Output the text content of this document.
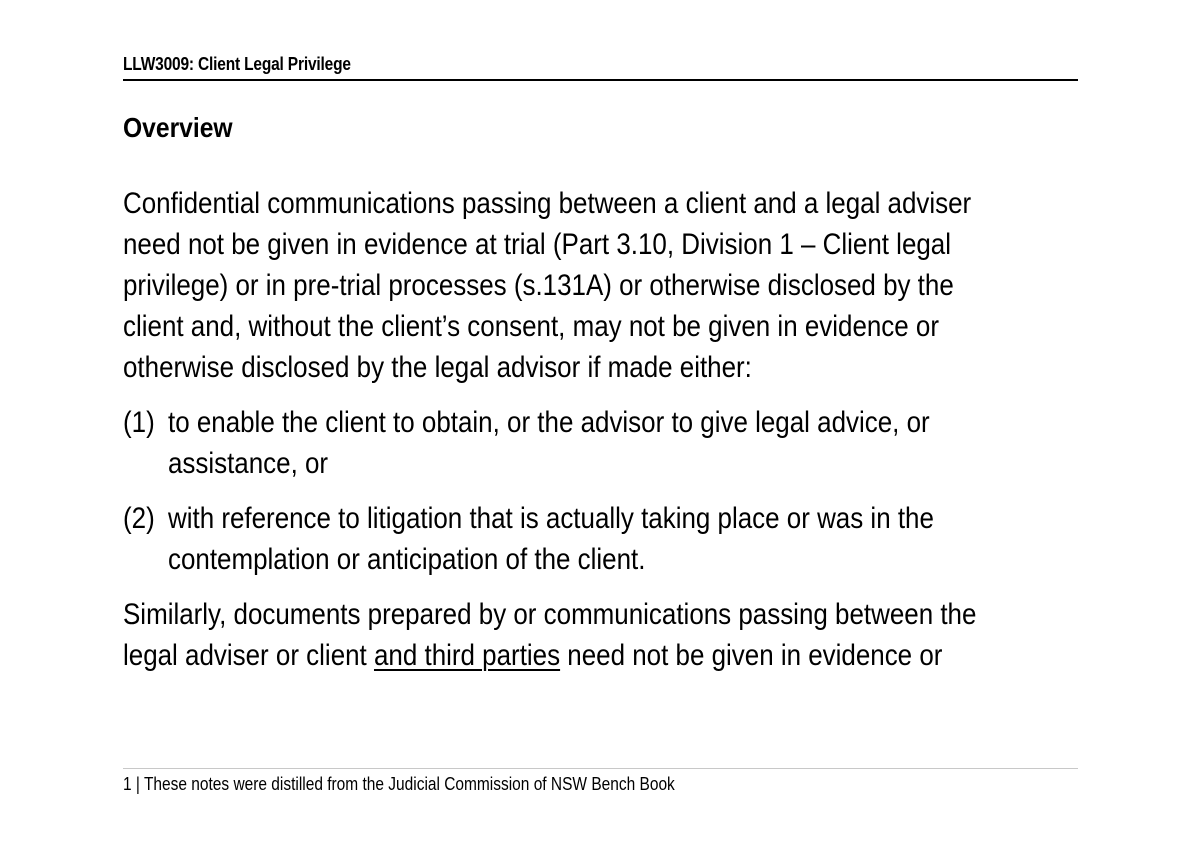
LLW3009: Client Legal Privilege
Overview
Confidential communications passing between a client and a legal adviser
need not be given in evidence at trial (Part 3.10, Division 1 – Client legal
privilege) or in pre-trial processes (s.131A) or otherwise disclosed by the
client and, without the client’s consent, may not be given in evidence or
otherwise disclosed by the legal advisor if made either:
(1) to enable the client to obtain, or the advisor to give legal advice, or
assistance, or
(2) with reference to litigation that is actually taking place or was in the
contemplation or anticipation of the client.
Similarly, documents prepared by or communications passing between the
legal adviser or client and third parties need not be given in evidence or
1 | These notes were distilled from the Judicial Commission of NSW Bench Book
